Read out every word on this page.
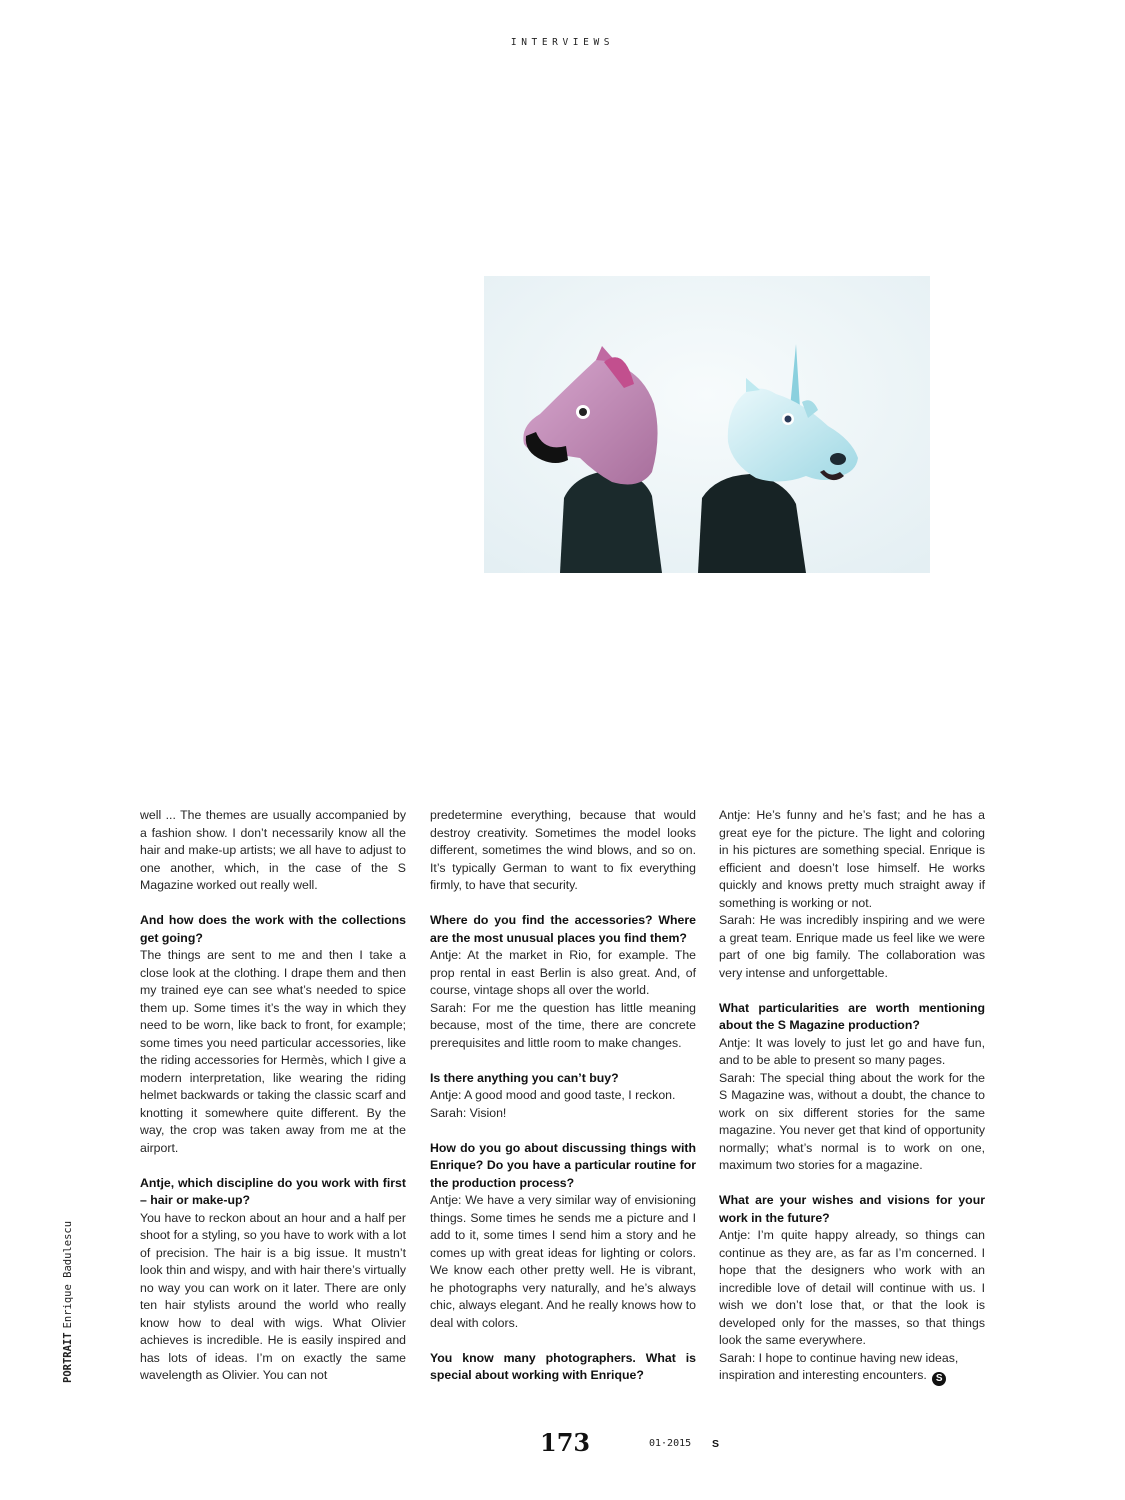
INTERVIEWS

well ... The themes are usually accompanied by a fashion show. I don’t necessarily know all the hair and make-up artists; we all have to adjust to one another, which, in the case of the S Magazine worked out really well.

And how does the work with the collections get going?

The things are sent to me and then I take a close look at the clothing. I drape them and then my trained eye can see what’s needed to spice them up. Some times it’s the way in which they need to be worn, like back to front, for example; some times you need particular accessories, like the riding accessories for Hermès, which I give a modern interpretation, like wearing the riding helmet backwards or taking the classic scarf and knotting it somewhere quite different. By the way, the crop was taken away from me at the airport.

Antje, which discipline do you work with first – hair or make-up?

You have to reckon about an hour and a half per shoot for a styling, so you have to work with a lot of precision. The hair is a big issue. It mustn’t look thin and wispy, and with hair there’s virtually no way you can work on it later. There are only ten hair stylists around the world who really know how to deal with wigs. What Olivier achieves is incredible. He is easily inspired and has lots of ideas. I’m on exactly the same wavelength as Olivier. You can not

predetermine everything, because that would destroy creativity. Sometimes the model looks different, sometimes the wind blows, and so on. It’s typically German to want to fix everything firmly, to have that security.

Where do you find the accessories? Where are the most unusual places you find them?

Antje: At the market in Rio, for example. The prop rental in east Berlin is also great. And, of course, vintage shops all over the world.

Sarah: For me the question has little meaning because, most of the time, there are concrete prerequisites and little room to make changes.

Is there anything you can’t buy?

Antje: A good mood and good taste, I reckon.

Sarah: Vision!

How do you go about discussing things with Enrique? Do you have a particular routine for the production process?

Antje: We have a very similar way of envisioning things. Some times he sends me a picture and I add to it, some times I send him a story and he comes up with great ideas for lighting or colors. We know each other pretty well. He is vibrant, he photographs very naturally, and he’s always chic, always elegant. And he really knows how to deal with colors.

You know many photographers. What is special about working with Enrique?

Antje: He’s funny and he’s fast; and he has a great eye for the picture. The light and coloring in his pictures are something special. Enrique is efficient and doesn’t lose himself. He works quickly and knows pretty much straight away if something is working or not.

Sarah: He was incredibly inspiring and we were a great team. Enrique made us feel like we were part of one big family. The collaboration was very intense and unforgettable.

What particularities are worth mentioning about the S Magazine production?

Antje: It was lovely to just let go and have fun, and to be able to present so many pages.

Sarah: The special thing about the work for the S Magazine was, without a doubt, the chance to work on six different stories for the same magazine. You never get that kind of opportunity normally; what’s normal is to work on one, maximum two stories for a magazine.

What are your wishes and visions for your work in the future?

Antje: I’m quite happy already, so things can continue as they are, as far as I’m concerned. I hope that the designers who work with an incredible love of detail will continue with us. I wish we don’t lose that, or that the look is developed only for the masses, so that things look the same everywhere.

Sarah: I hope to continue having new ideas, inspiration and interesting encounters. S

PORTRAITEnrique Badulescu
173	01·2015 S
